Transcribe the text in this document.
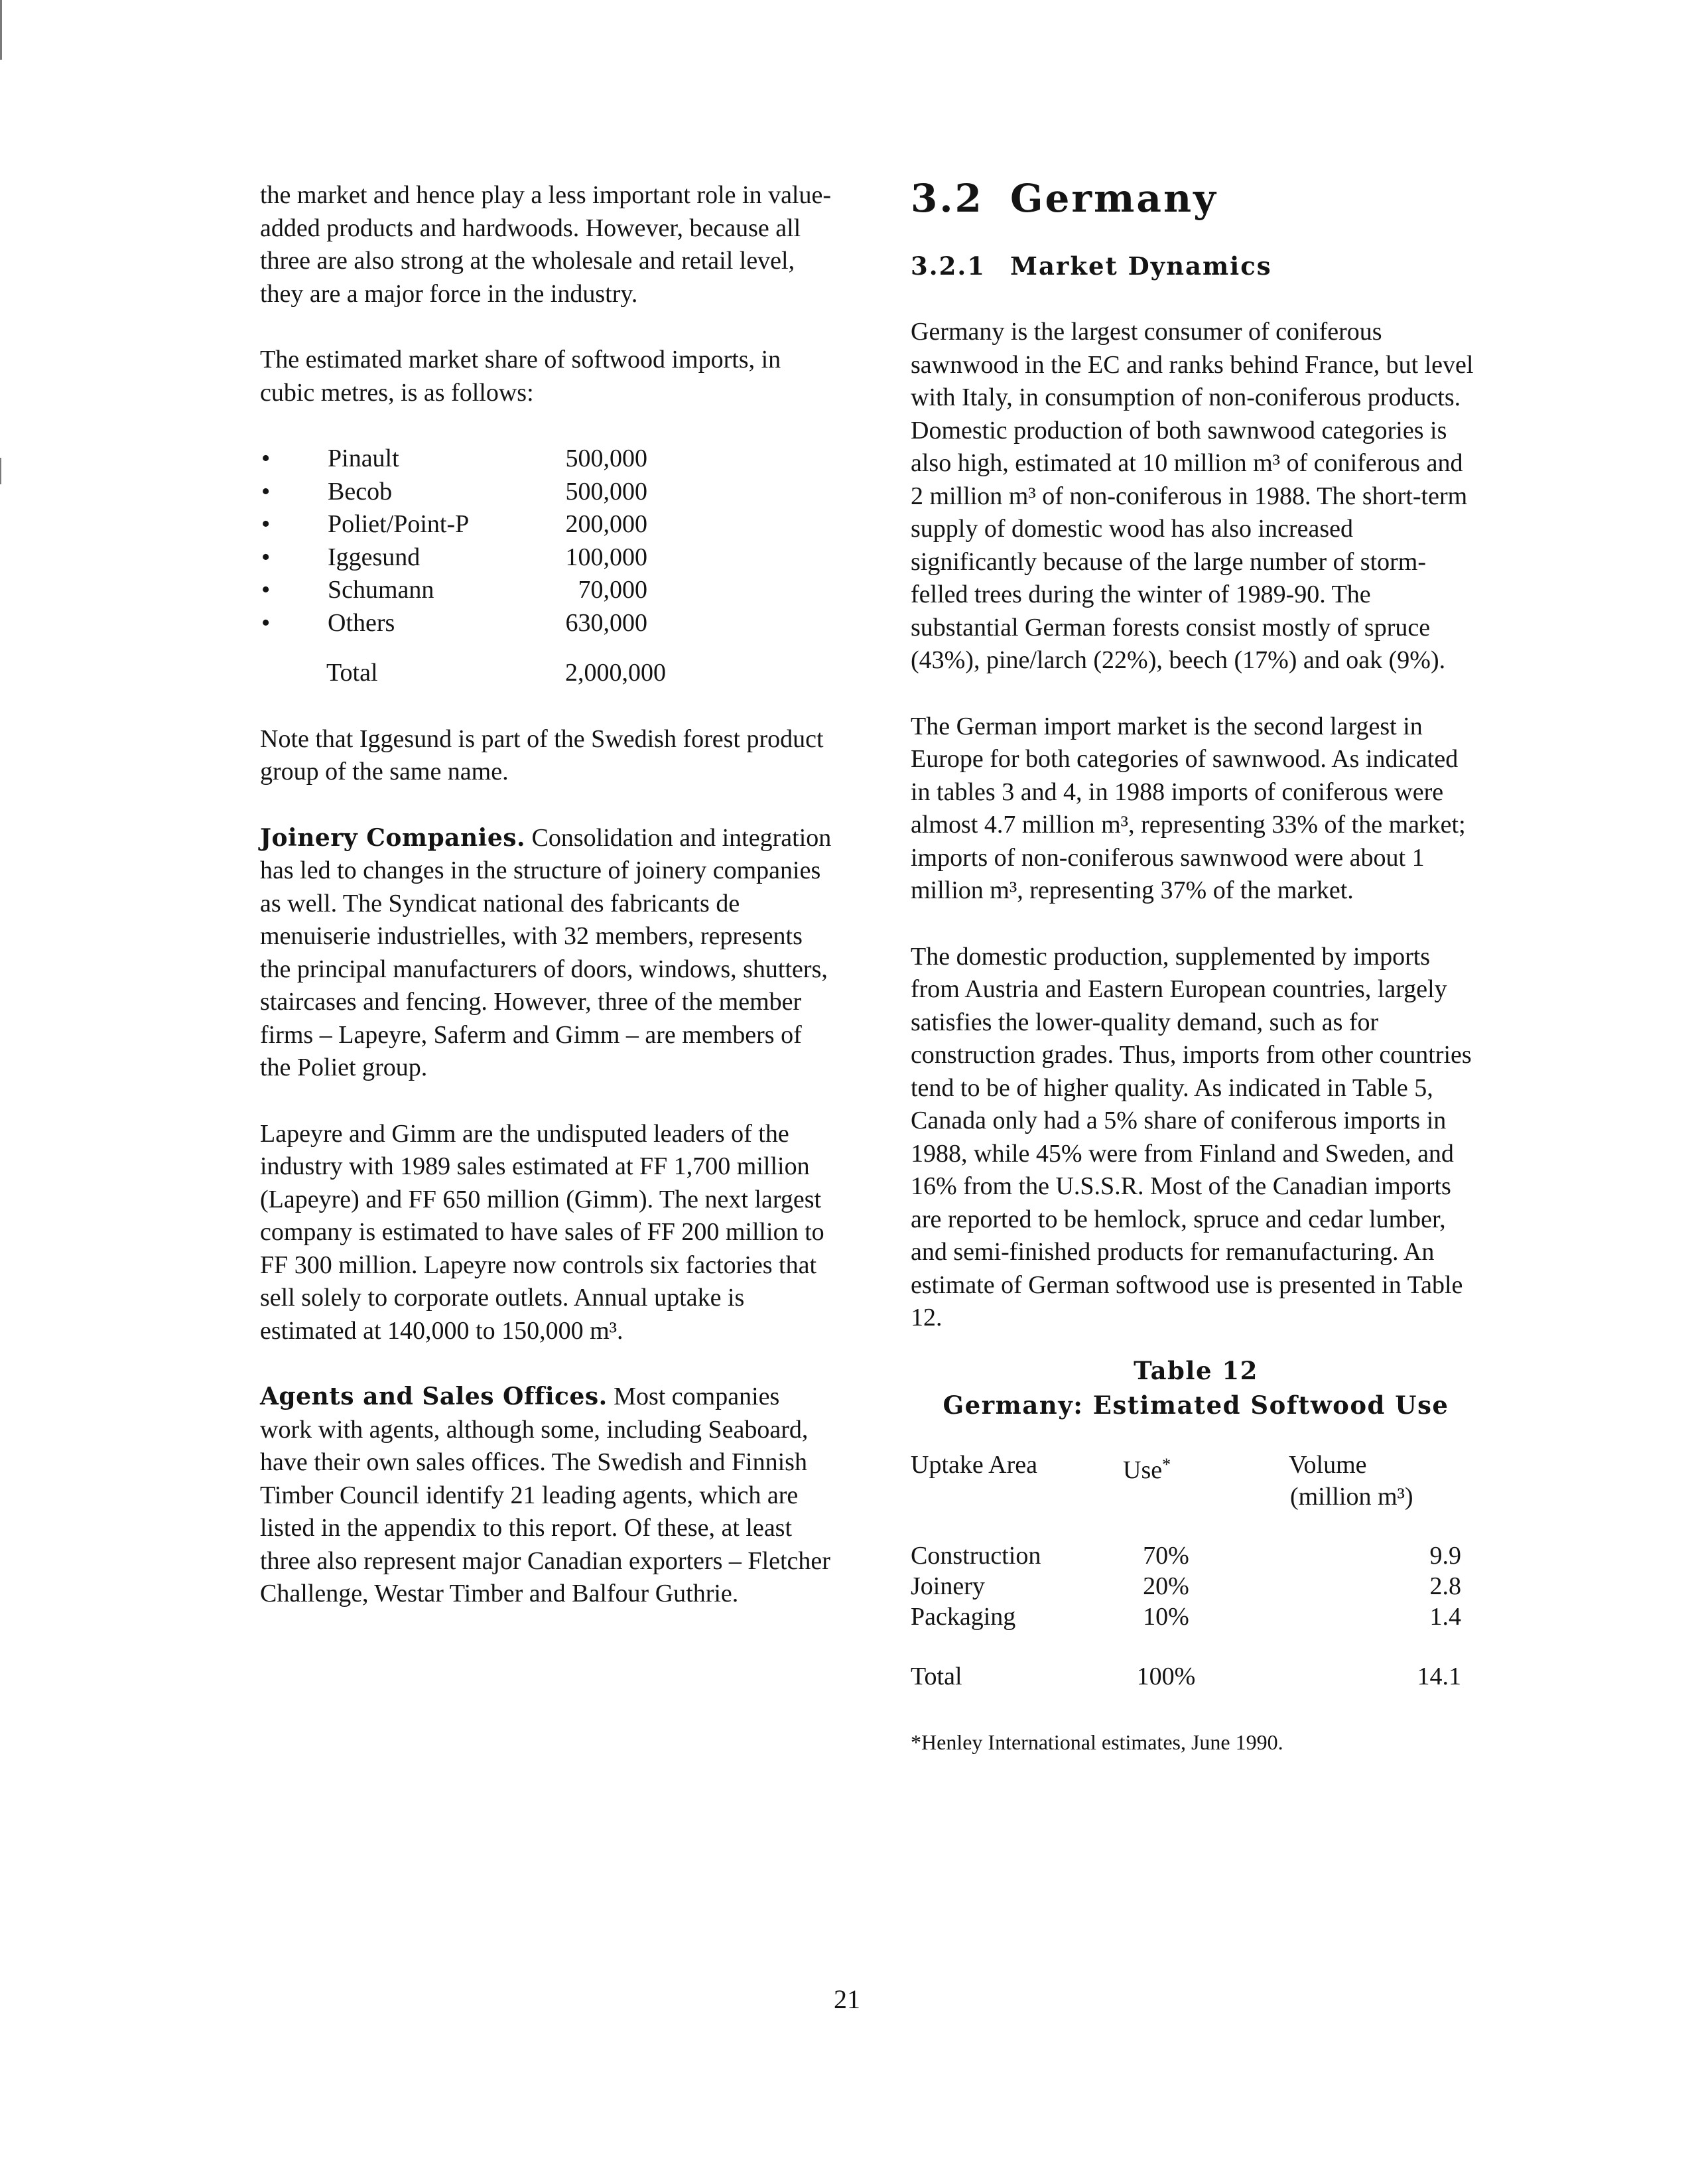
the market and hence play a less important role in value-added products and hardwoods. However, because all three are also strong at the wholesale and retail level, they are a major force in the industry.

The estimated market share of softwood imports, in cubic metres, is as follows:

•	Pinault	500,000
•	Becob	500,000
•	Poliet/Point-P	200,000
•	Iggesund	100,000
•	Schumann	70,000
•	Others	630,000
Total	2,000,000

Note that Iggesund is part of the Swedish forest product group of the same name.

Joinery Companies. Consolidation and integration has led to changes in the structure of joinery companies as well. The Syndicat national des fabricants de menuiserie industrielles, with 32 members, represents the principal manufacturers of doors, windows, shutters, staircases and fencing. However, three of the member firms – Lapeyre, Saferm and Gimm – are members of the Poliet group.

Lapeyre and Gimm are the undisputed leaders of the industry with 1989 sales estimated at FF 1,700 million (Lapeyre) and FF 650 million (Gimm). The next largest company is estimated to have sales of FF 200 million to FF 300 million. Lapeyre now controls six factories that sell solely to corporate outlets. Annual uptake is estimated at 140,000 to 150,000 m³.

Agents and Sales Offices. Most companies work with agents, although some, including Seaboard, have their own sales offices. The Swedish and Finnish Timber Council identify 21 leading agents, which are listed in the appendix to this report. Of these, at least three also represent major Canadian exporters – Fletcher Challenge, Westar Timber and Balfour Guthrie.

3.2 Germany
3.2.1 Market Dynamics

Germany is the largest consumer of coniferous sawnwood in the EC and ranks behind France, but level with Italy, in consumption of non-coniferous products. Domestic production of both sawnwood categories is also high, estimated at 10 million m³ of coniferous and 2 million m³ of non-coniferous in 1988. The short-term supply of domestic wood has also increased significantly because of the large number of storm-felled trees during the winter of 1989-90. The substantial German forests consist mostly of spruce (43%), pine/larch (22%), beech (17%) and oak (9%).

The German import market is the second largest in Europe for both categories of sawnwood. As indicated in tables 3 and 4, in 1988 imports of coniferous were almost 4.7 million m³, representing 33% of the market; imports of non-coniferous sawnwood were about 1 million m³, representing 37% of the market.

The domestic production, supplemented by imports from Austria and Eastern European countries, largely satisfies the lower-quality demand, such as for construction grades. Thus, imports from other countries tend to be of higher quality. As indicated in Table 5, Canada only had a 5% share of coniferous imports in 1988, while 45% were from Finland and Sweden, and 16% from the U.S.S.R. Most of the Canadian imports are reported to be hemlock, spruce and cedar lumber, and semi-finished products for remanufacturing. An estimate of German softwood use is presented in Table 12.

Table 12
Germany: Estimated Softwood Use
Uptake Area	Use*	Volume
(million m³)
Construction	70%	9.9
Joinery	20%	2.8
Packaging	10%	1.4
Total	100%	14.1
*Henley International estimates, June 1990.
21
